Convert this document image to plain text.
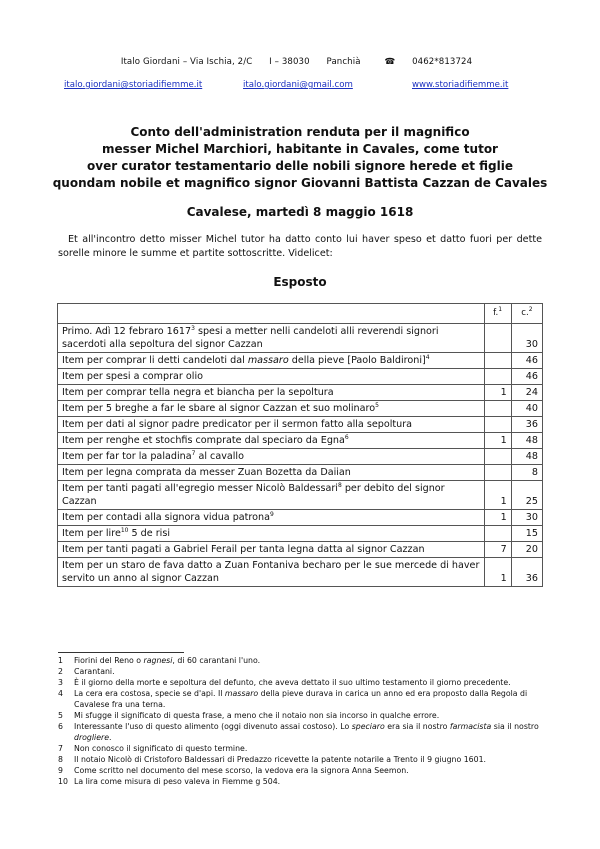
Italo Giordani – Via Ischia, 2/C I – 38030 Panchià	☎ 0462*813724
italo.giordani@storiadifiemme.it	italo.giordani@gmail.com	www.storiadifiemme.it
Conto dell'administration renduta per il magnifico
messer Michel Marchiori, habitante in Cavales, come tutor
over curator testamentario delle nobili signore herede et figlie
quondam nobile et magnifico signor Giovanni Battista Cazzan de Cavales
Cavalese, martedì 8 maggio 1618
Et all'incontro detto misser Michel tutor ha datto conto lui haver speso et datto fuori per dette sorelle minore le summe et partite sottoscritte. Videlicet:
Esposto
	f.$^1$	c.$^2$
Primo. Adì 12 febraro 1617$^3$ spesi a metter nelli candeloti alli reverendi signori sacerdoti alla sepoltura del signor Cazzan		30
Item per comprar li detti candeloti dal massaro della pieve [Paolo Baldironi]$^4$		46
Item per spesi a comprar olio		46
Item per comprar tella negra et biancha per la sepoltura	1	24
Item per 5 breghe a far le sbare al signor Cazzan et suo molinaro$^5$		40
Item per dati al signor padre predicator per il sermon fatto alla sepoltura		36
Item per renghe et stochfis comprate dal speciaro da Egna$^6$	1	48
Item per far tor la paladina$^7$ al cavallo		48
Item per legna comprata da messer Zuan Bozetta da Daiian		8
Item per tanti pagati all'egregio messer Nicolò Baldessari$^8$ per debito del signor Cazzan	1	25
Item per contadi alla signora vidua patrona$^9$	1	30
Item per lire$^{10}$ 5 de risi		15
Item per tanti pagati a Gabriel Ferail per tanta legna datta al signor Cazzan	7	20
Item per un staro de fava datto a Zuan Fontaniva becharo per le sue mercede di haver servito un anno al signor Cazzan	1	36
1 Fiorini del Reno o ragnesi, di 60 carantani l'uno.
2 Carantani.
3 È il giorno della morte e sepoltura del defunto, che aveva dettato il suo ultimo testamento il giorno precedente.
4 La cera era costosa, specie se d'api. Il massaro della pieve durava in carica un anno ed era proposto dalla Regola di Cavalese fra una terna.
5 Mi sfugge il significato di questa frase, a meno che il notaio non sia incorso in qualche errore.
6 Interessante l'uso di questo alimento (oggi divenuto assai costoso). Lo speciaro era sia il nostro farmacista sia il nostro drogliere.
7 Non conosco il significato di questo termine.
8 Il notaio Nicolò di Cristoforo Baldessari di Predazzo ricevette la patente notarile a Trento il 9 giugno 1601.
9 Come scritto nel documento del mese scorso, la vedova era la signora Anna Seemon.
10 La lira come misura di peso valeva in Fiemme g 504.
